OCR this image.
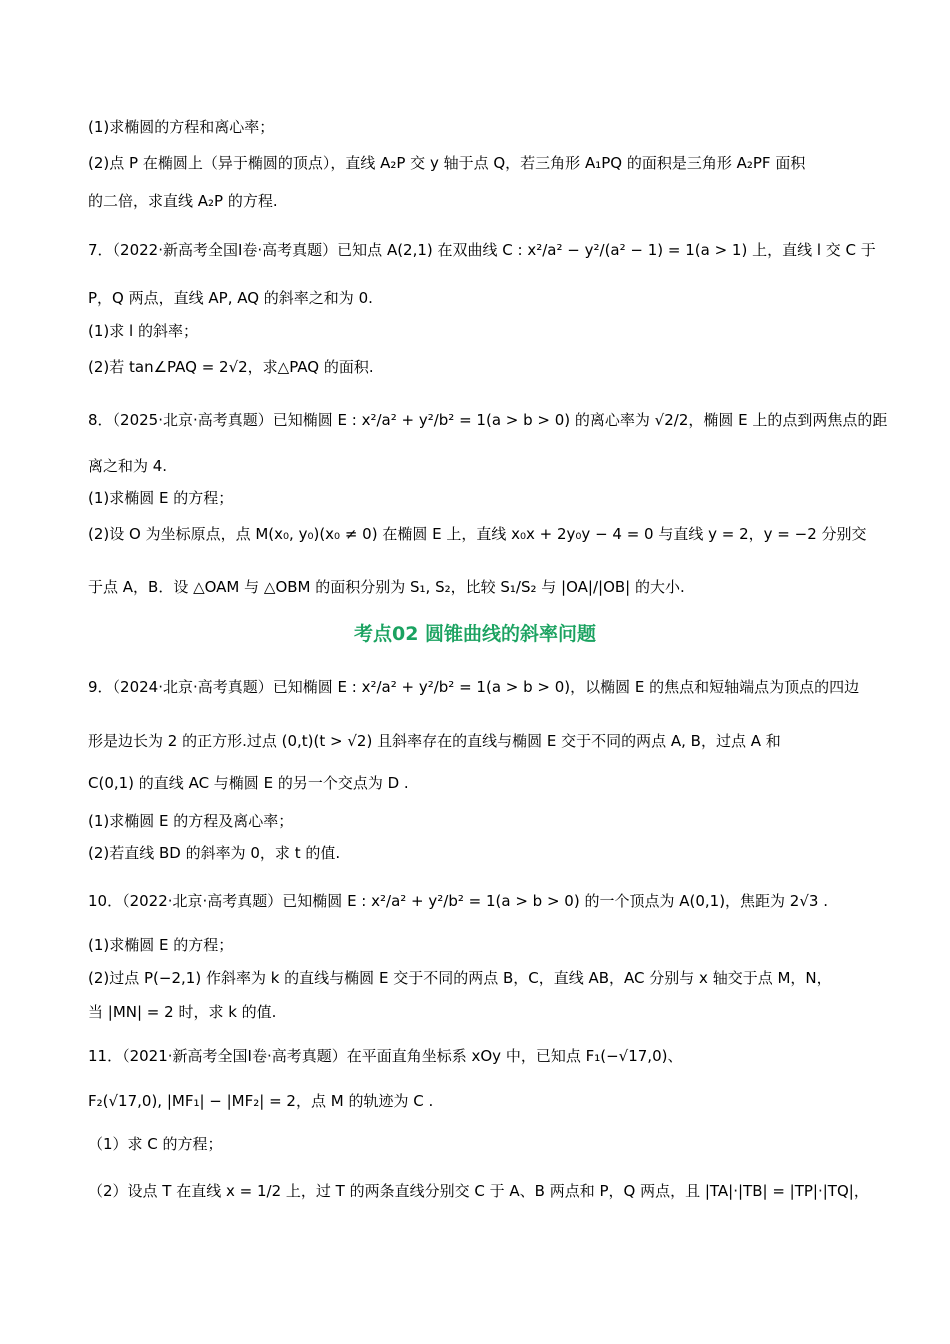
(1)求椭圆的方程和离心率；
(2)点 P 在椭圆上（异于椭圆的顶点），直线 A₂P 交 y 轴于点 Q，若三角形 A₁PQ 的面积是三角形 A₂PF 面积
的二倍，求直线 A₂P 的方程.
7．（2022·新高考全国Ⅰ卷·高考真题）已知点 A(2,1) 在双曲线 C : x²/a² − y²/(a² − 1) = 1(a > 1) 上，直线 l 交 C 于
P，Q 两点，直线 AP, AQ 的斜率之和为 0.
(1)求 l 的斜率；
(2)若 tan∠PAQ = 2√2，求△PAQ 的面积.
8．（2025·北京·高考真题）已知椭圆 E : x²/a² + y²/b² = 1(a > b > 0) 的离心率为 √2/2，椭圆 E 上的点到两焦点的距
离之和为 4.
(1)求椭圆 E 的方程；
(2)设 O 为坐标原点，点 M(x₀, y₀)(x₀ ≠ 0) 在椭圆 E 上，直线 x₀x + 2y₀y − 4 = 0 与直线 y = 2，y = −2 分别交
于点 A，B．设 △OAM 与 △OBM 的面积分别为 S₁, S₂，比较 S₁/S₂ 与 |OA|/|OB| 的大小.
考点02 圆锥曲线的斜率问题
9．（2024·北京·高考真题）已知椭圆 E : x²/a² + y²/b² = 1(a > b > 0)，以椭圆 E 的焦点和短轴端点为顶点的四边
形是边长为 2 的正方形.过点 (0,t)(t > √2) 且斜率存在的直线与椭圆 E 交于不同的两点 A, B，过点 A 和
C(0,1) 的直线 AC 与椭圆 E 的另一个交点为 D .
(1)求椭圆 E 的方程及离心率；
(2)若直线 BD 的斜率为 0，求 t 的值.
10．（2022·北京·高考真题）已知椭圆 E : x²/a² + y²/b² = 1(a > b > 0) 的一个顶点为 A(0,1)，焦距为 2√3 .
(1)求椭圆 E 的方程；
(2)过点 P(−2,1) 作斜率为 k 的直线与椭圆 E 交于不同的两点 B，C，直线 AB，AC 分别与 x 轴交于点 M，N，
当 |MN| = 2 时，求 k 的值.
11．（2021·新高考全国Ⅰ卷·高考真题）在平面直角坐标系 xOy 中，已知点 F₁(−√17,0)、
F₂(√17,0), |MF₁| − |MF₂| = 2，点 M 的轨迹为 C .
（1）求 C 的方程；
（2）设点 T 在直线 x = 1/2 上，过 T 的两条直线分别交 C 于 A、B 两点和 P，Q 两点，且 |TA|·|TB| = |TP|·|TQ|，
